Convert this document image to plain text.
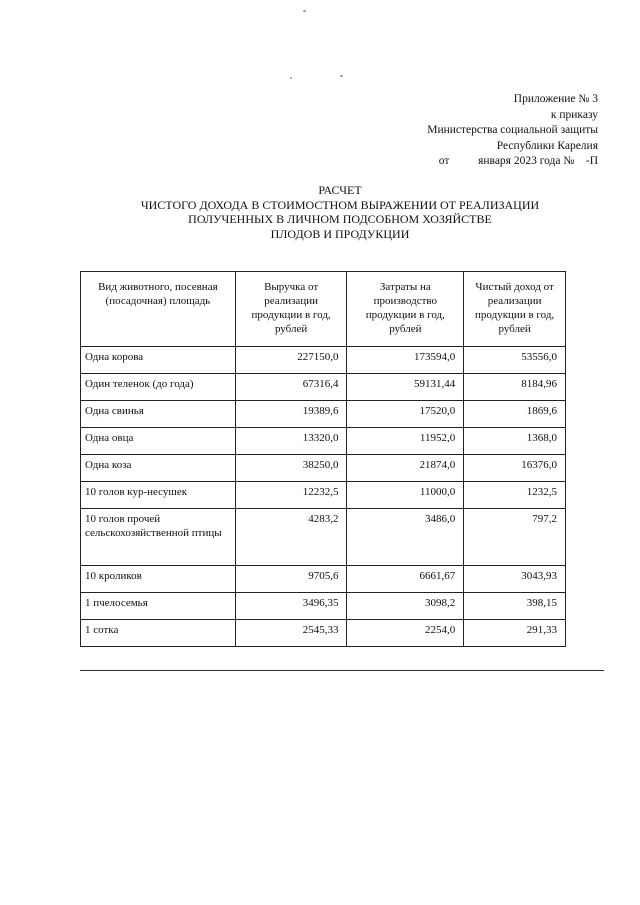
Приложение № 3
к приказу
Министерства социальной защиты
Республики Карелия
от          января 2023 года №    -П
РАСЧЕТ
ЧИСТОГО ДОХОДА В СТОИМОСТНОМ ВЫРАЖЕНИИ ОТ РЕАЛИЗАЦИИ
ПОЛУЧЕННЫХ В ЛИЧНОМ ПОДСОБНОМ ХОЗЯЙСТВЕ
ПЛОДОВ И ПРОДУКЦИИ
Вид животного, посевная (посадочная) площадь	Выручка от реализации продукции в год, рублей	Затраты на производство продукции в год, рублей	Чистый доход от реализации продукции в год, рублей
Одна корова	227150,0	173594,0	53556,0
Один теленок (до года)	67316,4	59131,44	8184,96
Одна свинья	19389,6	17520,0	1869,6
Одна овца	13320,0	11952,0	1368,0
Одна коза	38250,0	21874,0	16376,0
10 голов кур-несушек	12232,5	11000,0	1232,5
10 голов прочей сельскохозяйственной птицы	4283,2	3486,0	797,2
10 кроликов	9705,6	6661,67	3043,93
1 пчелосемья	3496,35	3098,2	398,15
1 сотка	2545,33	2254,0	291,33
